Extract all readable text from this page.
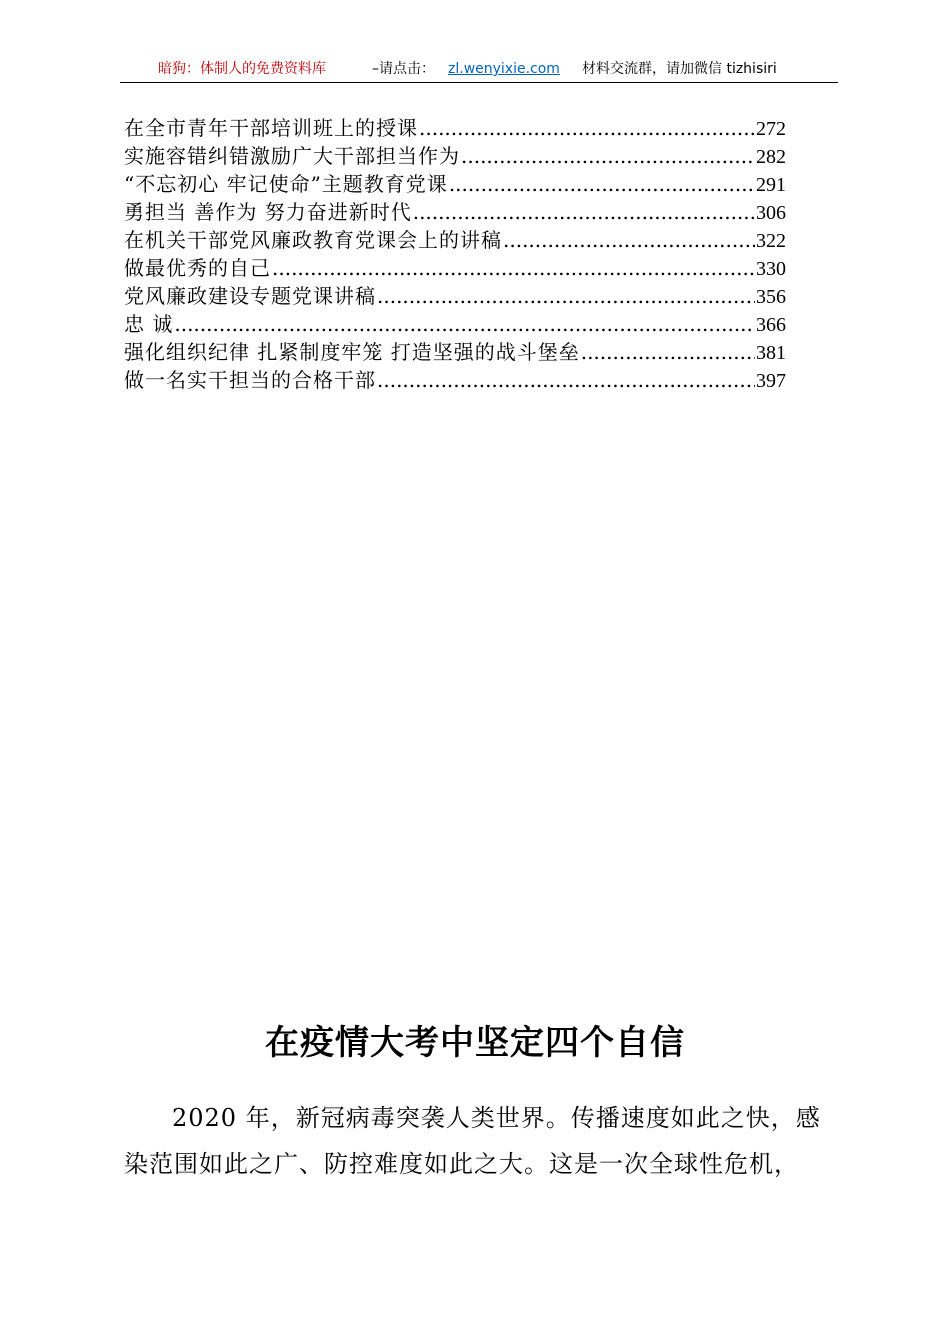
暗狗：体制人的免费资料库	–请点击： zl.wenyixie.com 材料交流群，请加微信 tizhisiri
在全市青年干部培训班上的授课 .....	272
实施容错纠错激励广大干部担当作为 .....	282
“不忘初心 牢记使命”主题教育党课 .....	291
勇担当 善作为 努力奋进新时代 .....	306
在机关干部党风廉政教育党课会上的讲稿 .....	322
做最优秀的自己 .....	330
党风廉政建设专题党课讲稿 .....	356
忠 诚 .....	366
强化组织纪律 扎紧制度牢笼 打造坚强的战斗堡垒 .....	381
做一名实干担当的合格干部 .....	397
在疫情大考中坚定四个自信
2020 年，新冠病毒突袭人类世界。传播速度如此之快，感
染范围如此之广、防控难度如此之大。这是一次全球性危机，
